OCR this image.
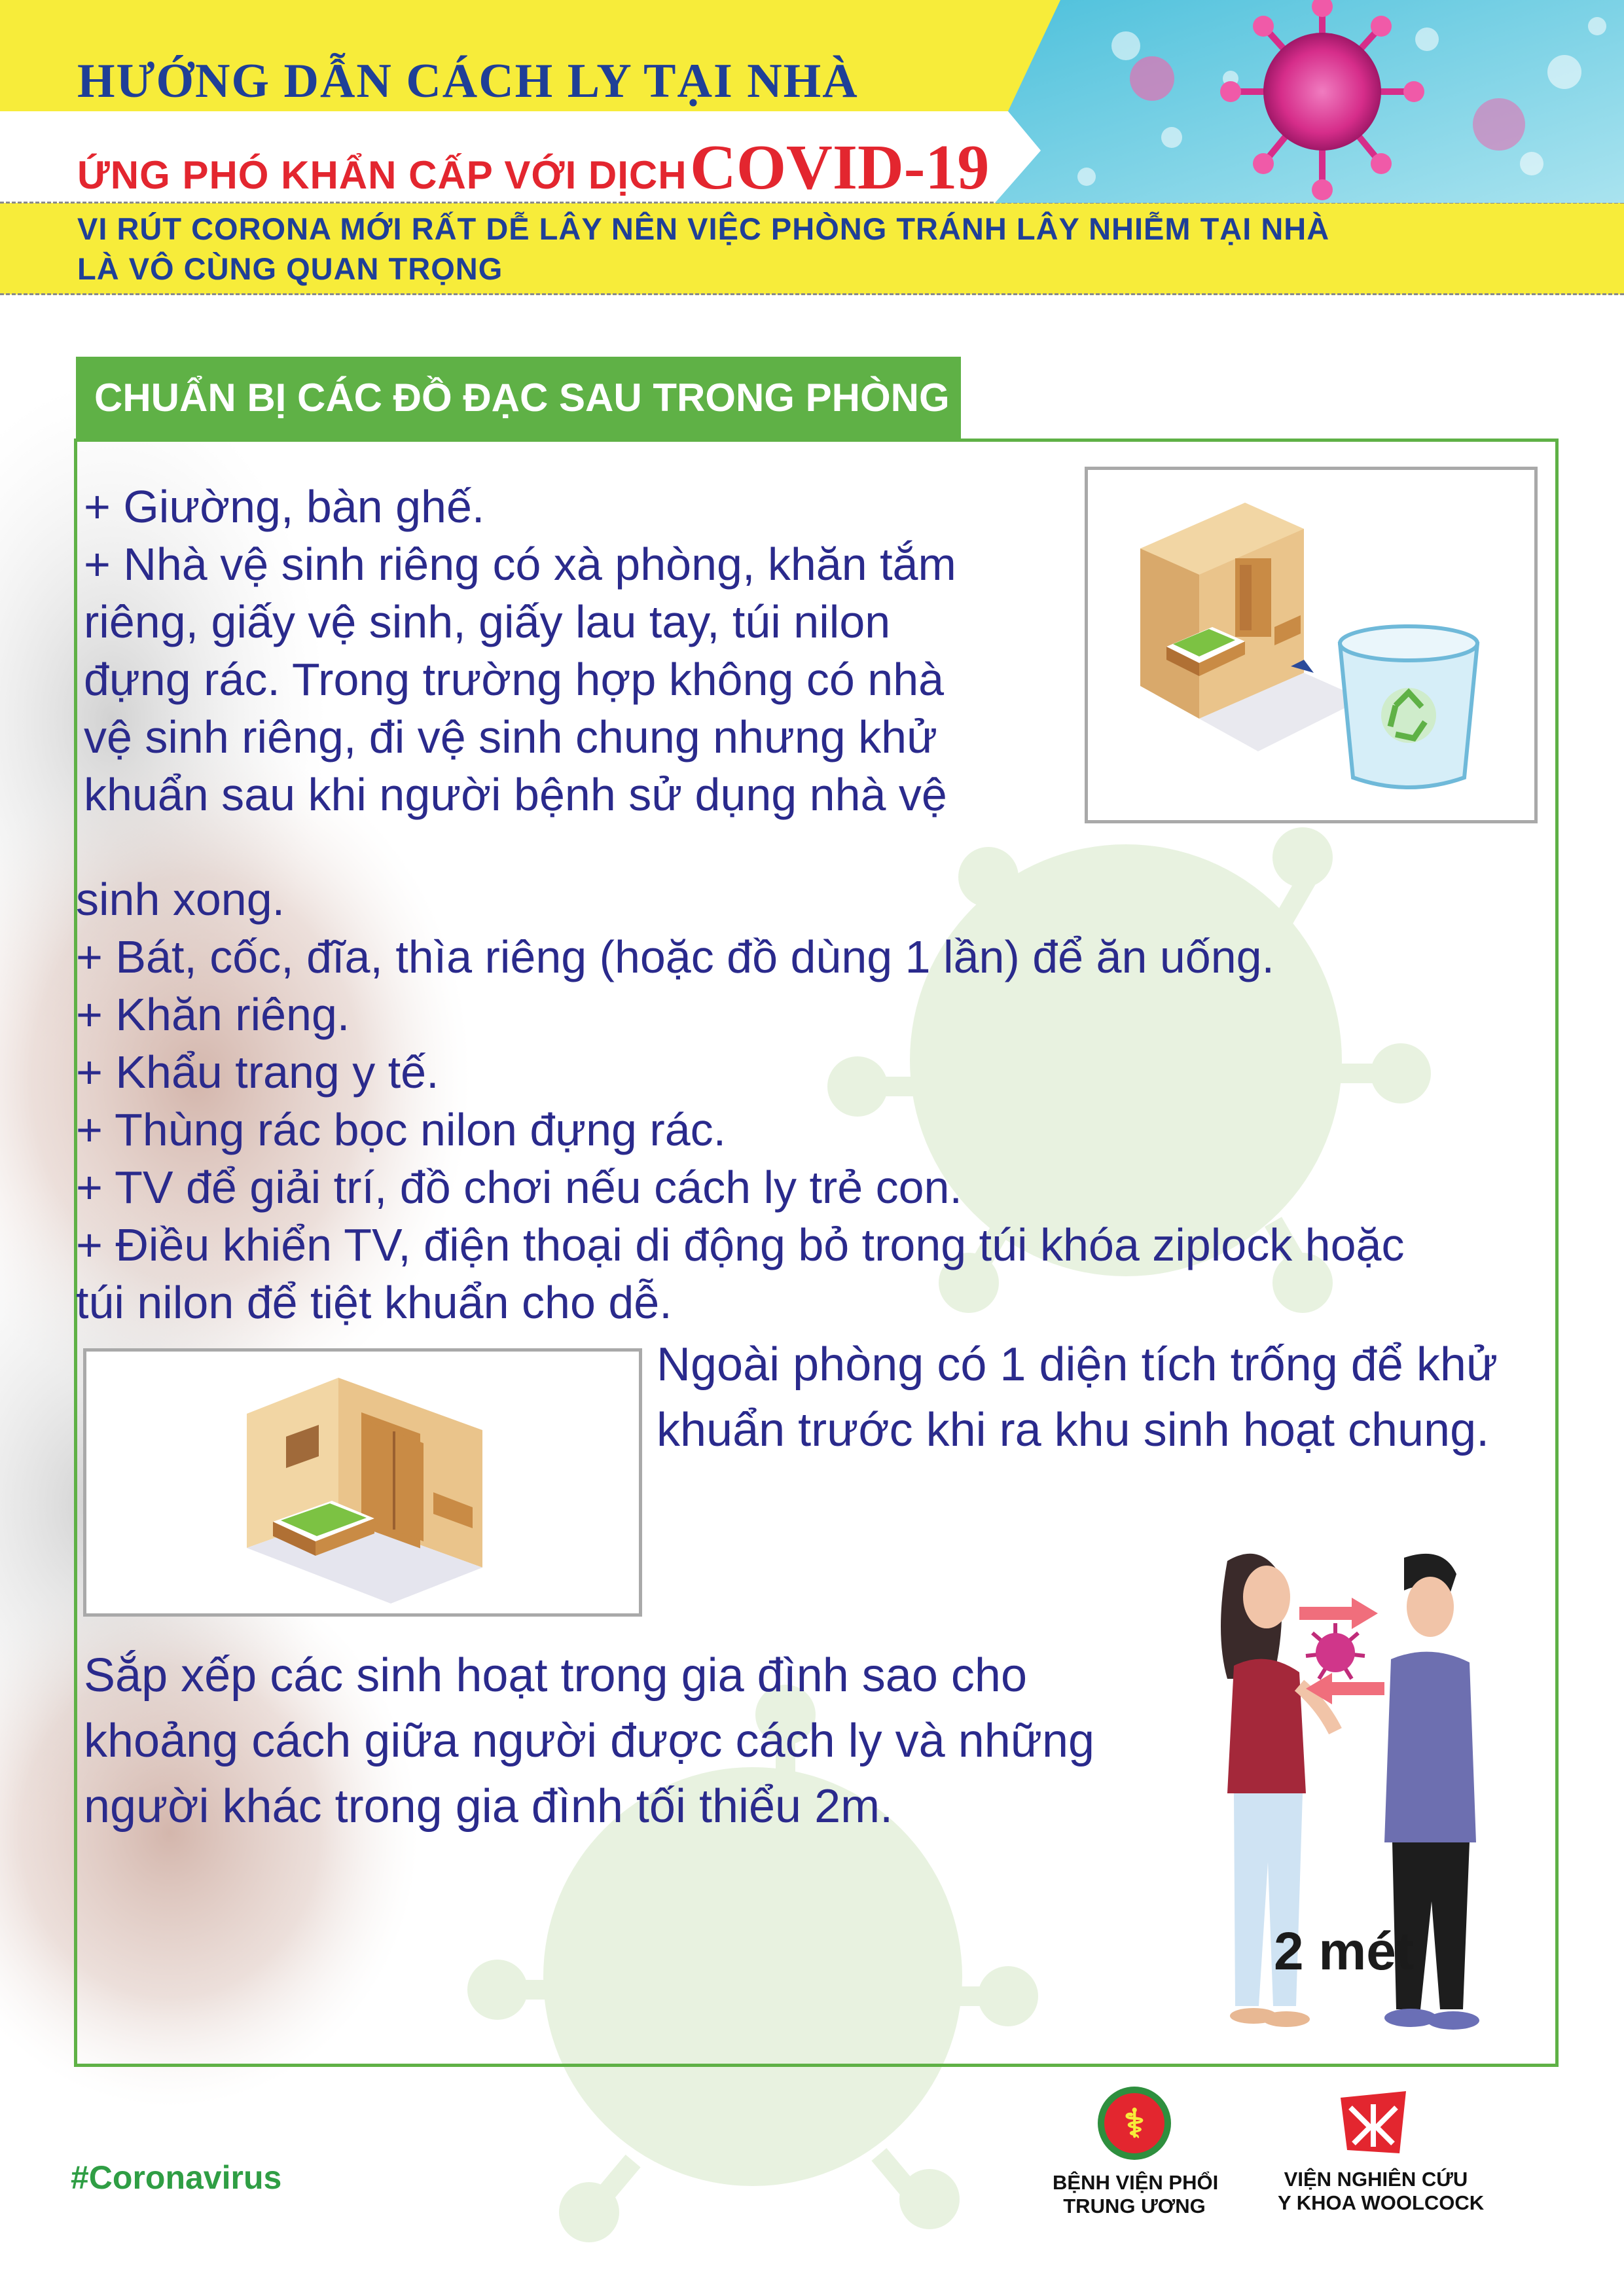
HƯỚNG DẪN CÁCH LY TẠI NHÀ
ỨNG PHÓ KHẨN CẤP VỚI DỊCH COVID-19
VI RÚT CORONA MỚI RẤT DỄ LÂY NÊN VIỆC PHÒNG TRÁNH LÂY NHIỄM TẠI NHÀ
LÀ VÔ CÙNG QUAN TRỌNG
CHUẨN BỊ CÁC ĐỒ ĐẠC SAU TRONG PHÒNG
+ Giường, bàn ghế.
+ Nhà vệ sinh riêng có xà phòng, khăn tắm
riêng, giấy vệ sinh, giấy lau tay, túi nilon
đựng rác. Trong trường hợp không có nhà
vệ sinh riêng, đi vệ sinh chung nhưng khử
khuẩn sau khi người bệnh sử dụng nhà vệ
sinh xong.
+ Bát, cốc, đĩa, thìa riêng (hoặc đồ dùng 1 lần) để ăn uống.
+ Khăn riêng.
+ Khẩu trang y tế.
+ Thùng rác bọc nilon đựng rác.
+ TV để giải trí, đồ chơi nếu cách ly trẻ con.
+ Điều khiển TV, điện thoại di động bỏ trong túi khóa ziplock hoặc
túi nilon để tiệt khuẩn cho dễ.
Ngoài phòng có 1 diện tích trống để khử
khuẩn trước khi ra khu sinh hoạt chung.
Sắp xếp các sinh hoạt trong gia đình sao cho
khoảng cách giữa người được cách ly và những
người khác trong gia đình tối thiểu 2m.
2 mét
#Coronavirus
⚕
BỆNH VIỆN PHỔI
TRUNG ƯƠNG
VIỆN NGHIÊN CỨU
Y KHOA WOOLCOCK
